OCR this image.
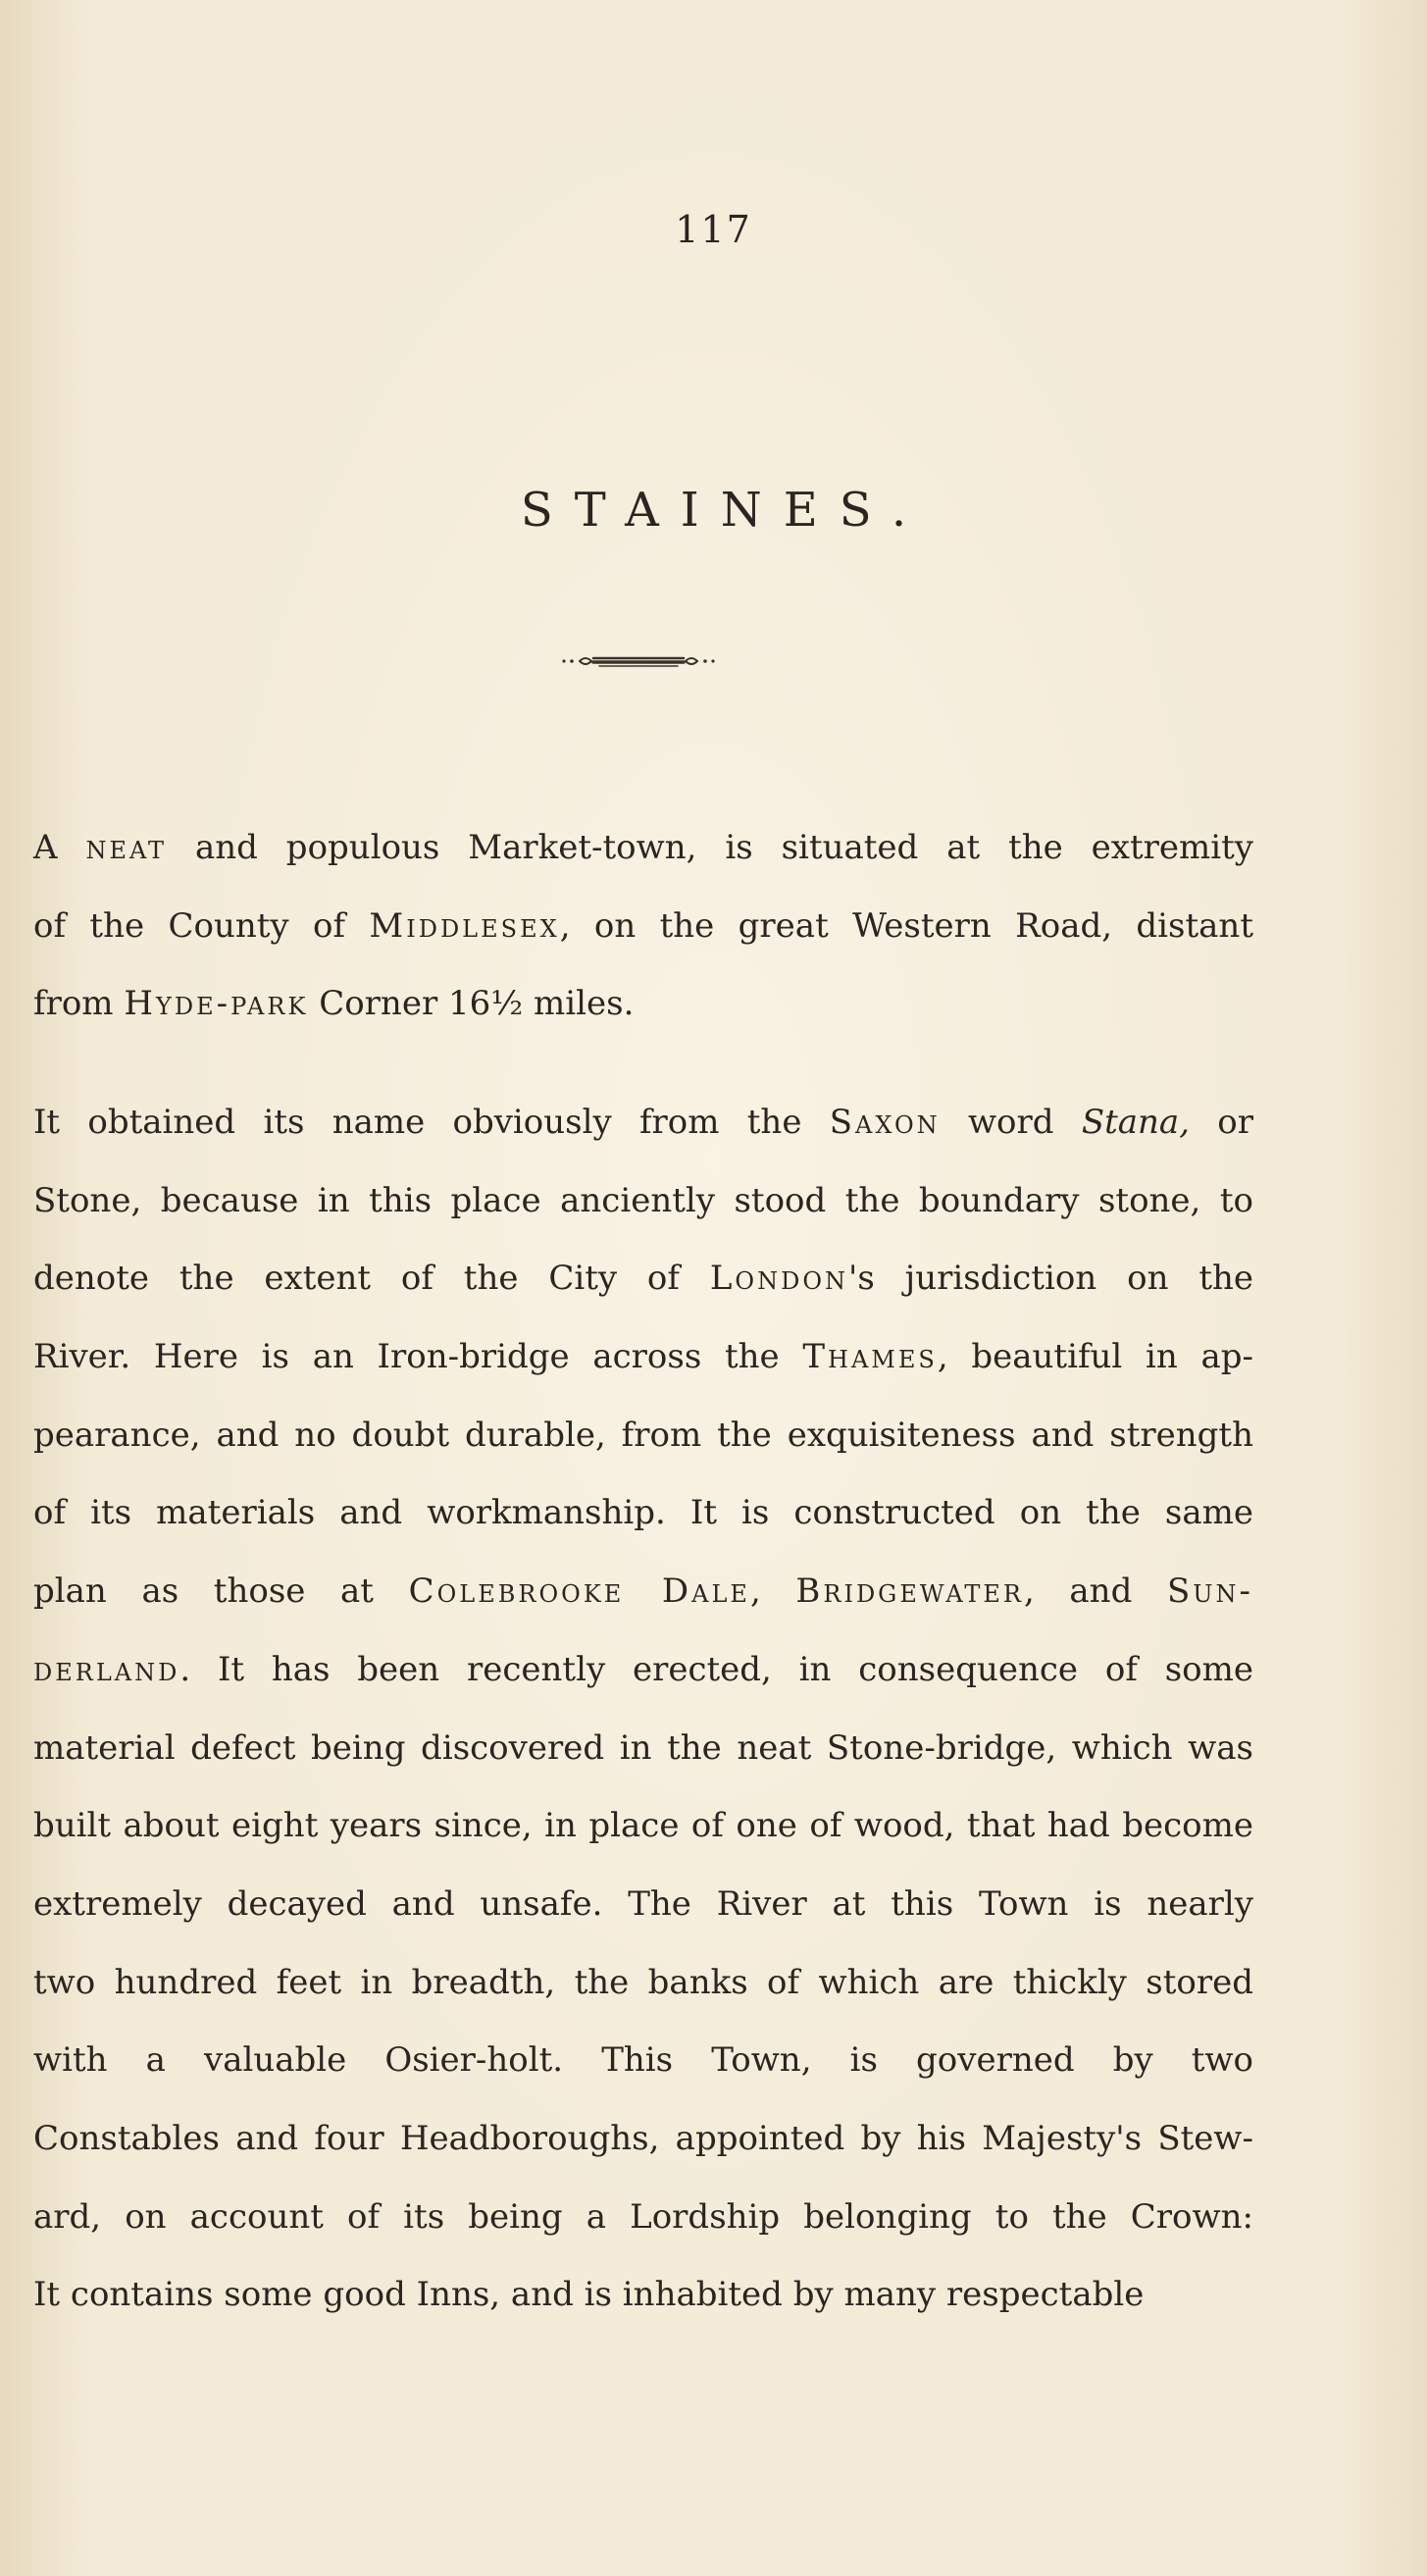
117
STAINES.
A neat and populous Market-town, is situated at the extremity
of the County of Middlesex, on the great Western Road, distant
from Hyde-park Corner 16½ miles.
It obtained its name obviously from the Saxon word Stana, or
Stone, because in this place anciently stood the boundary stone, to
denote the extent of the City of London's jurisdiction on the
River. Here is an Iron-bridge across the Thames, beautiful in ap-
pearance, and no doubt durable, from the exquisiteness and strength
of its materials and workmanship. It is constructed on the same
plan as those at Colebrooke Dale, Bridgewater, and Sun-
derland. It has been recently erected, in consequence of some
material defect being discovered in the neat Stone-bridge, which was
built about eight years since, in place of one of wood, that had become
extremely decayed and unsafe. The River at this Town is nearly
two hundred feet in breadth, the banks of which are thickly stored
with a valuable Osier-holt. This Town, is governed by two
Constables and four Headboroughs, appointed by his Majesty's Stew-
ard, on account of its being a Lordship belonging to the Crown:
It contains some good Inns, and is inhabited by many respectable
